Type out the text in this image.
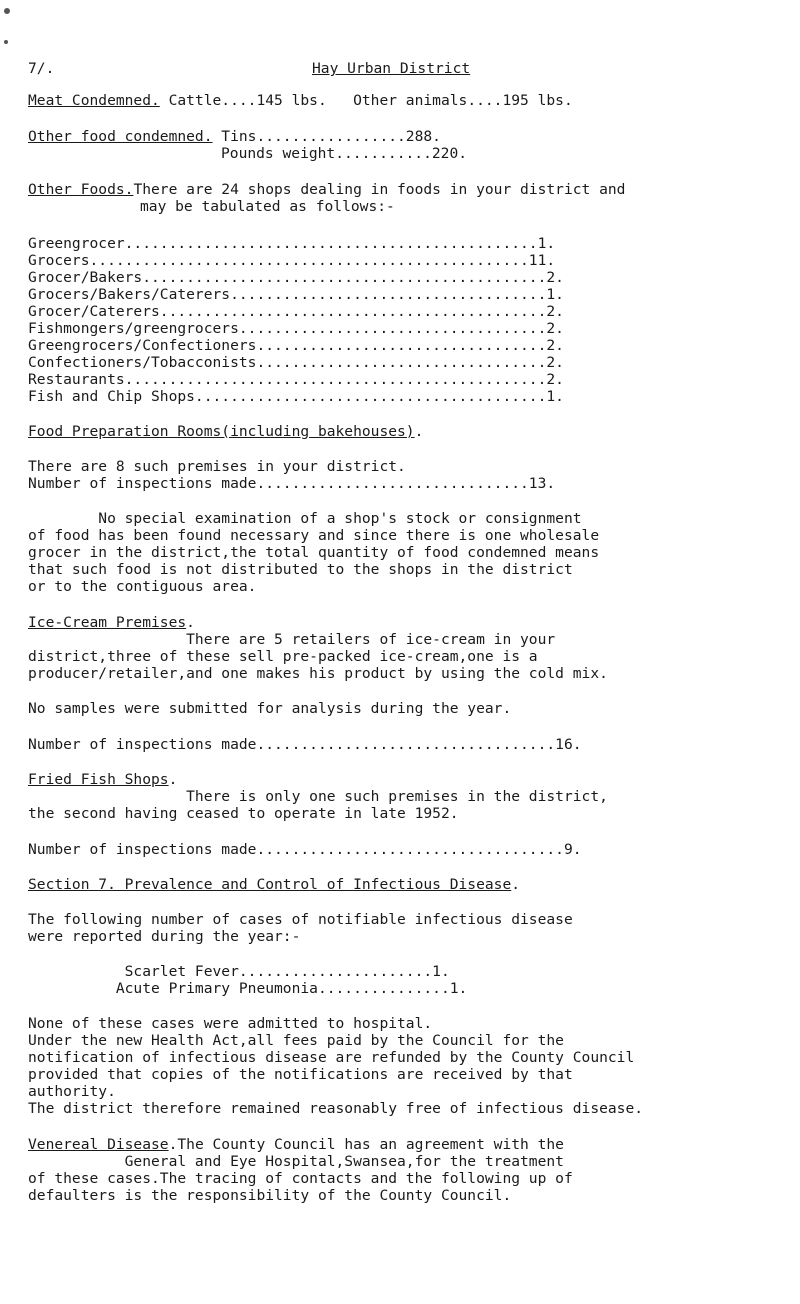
7/.	Hay Urban District
Meat Condemned. Cattle....145 lbs.   Other animals....195 lbs.
Other food condemned. Tins.................288.
Pounds weight...........220.
Other Foods.There are 24 shops dealing in foods in your district and
may be tabulated as follows:-
Greengrocer...............................................1.
Grocers..................................................11.
Grocer/Bakers..............................................2.
Grocers/Bakers/Caterers....................................1.
Grocer/Caterers............................................2.
Fishmongers/greengrocers...................................2.
Greengrocers/Confectioners.................................2.
Confectioners/Tobacconists.................................2.
Restaurants................................................2.
Fish and Chip Shops........................................1.
Food Preparation Rooms(including bakehouses).
There are 8 such premises in your district.
Number of inspections made...............................13.
No special examination of a shop's stock or consignment
of food has been found necessary and since there is one wholesale
grocer in the district,the total quantity of food condemned means
that such food is not distributed to the shops in the district
or to the contiguous area.
Ice-Cream Premises.
There are 5 retailers of ice-cream in your
district,three of these sell pre-packed ice-cream,one is a
producer/retailer,and one makes his product by using the cold mix.
No samples were submitted for analysis during the year.
Number of inspections made..................................16.
Fried Fish Shops.
There is only one such premises in the district,
the second having ceased to operate in late 1952.
Number of inspections made...................................9.
Section 7. Prevalence and Control of Infectious Disease.
The following number of cases of notifiable infectious disease
were reported during the year:-
Scarlet Fever......................1.
Acute Primary Pneumonia...............1.
None of these cases were admitted to hospital.
Under the new Health Act,all fees paid by the Council for the
notification of infectious disease are refunded by the County Council
provided that copies of the notifications are received by that
authority.
The district therefore remained reasonably free of infectious disease.
Venereal Disease.The County Council has an agreement with the
General and Eye Hospital,Swansea,for the treatment
of these cases.The tracing of contacts and the following up of
defaulters is the responsibility of the County Council.
